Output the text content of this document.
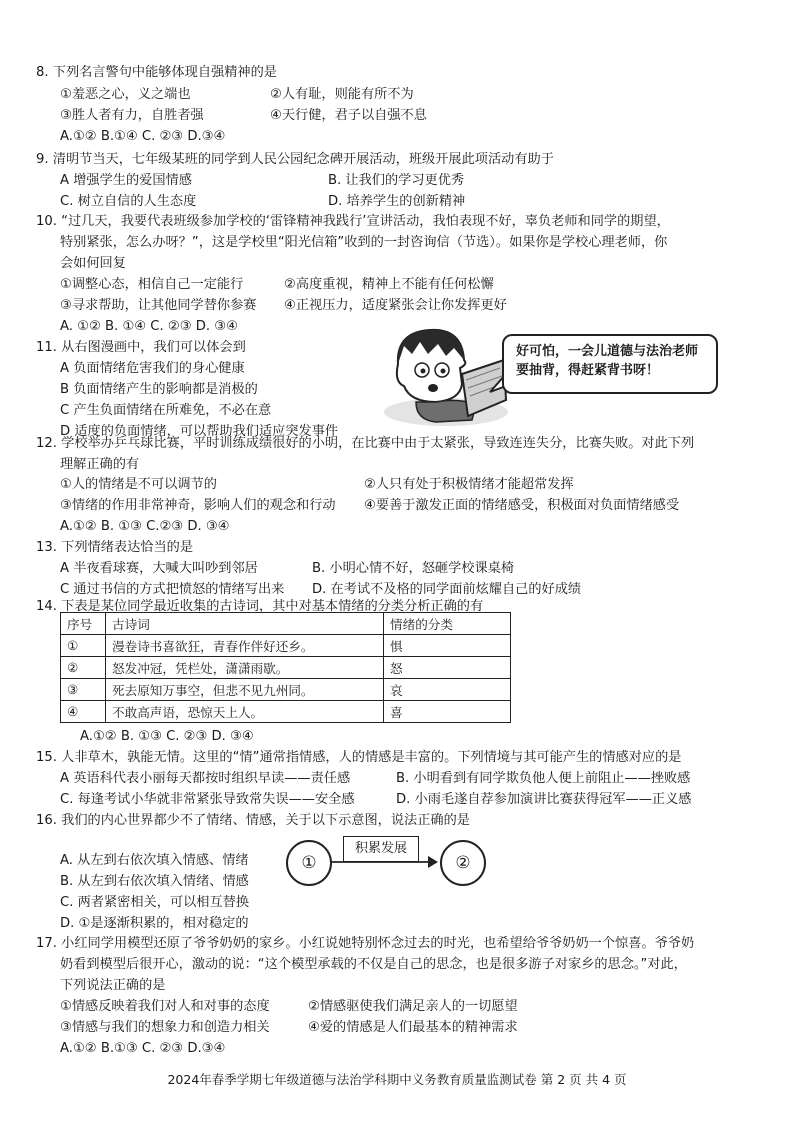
8. 下列名言警句中能够体现自强精神的是
①羞恶之心，义之端也	②人有耻，则能有所不为
③胜人者有力，自胜者强	④天行健，君子以自强不息
A.①② B.①④ C. ②③ D.③④
9. 清明节当天，七年级某班的同学到人民公园纪念碑开展活动，班级开展此项活动有助于
A 增强学生的爱国情感	B. 让我们的学习更优秀
C. 树立自信的人生态度	D. 培养学生的创新精神
10. “过几天，我要代表班级参加学校的‘雷锋精神我践行’宣讲活动，我怕表现不好，辜负老师和同学的期望，
特别紧张，怎么办呀？”，这是学校里“阳光信箱”收到的一封咨询信（节选）。如果你是学校心理老师，你
会如何回复
①调整心态，相信自己一定能行	②高度重视，精神上不能有任何松懈
③寻求帮助，让其他同学替你参赛 ④正视压力，适度紧张会让你发挥更好
A. ①② B. ①④ C. ②③ D. ③④
11. 从右图漫画中，我们可以体会到
A 负面情绪危害我们的身心健康
B 负面情绪产生的影响都是消极的
C 产生负面情绪在所难免，不必在意
D 适度的负面情绪，可以帮助我们适应突发事件
好可怕，一会儿道德与法治老师要抽背，得赶紧背书呀！
12. 学校举办乒乓球比赛，平时训练成绩很好的小明，在比赛中由于太紧张，导致连连失分，比赛失败。对此下列
理解正确的有
①人的情绪是不可以调节的	②人只有处于积极情绪才能超常发挥
③情绪的作用非常神奇，影响人们的观念和行动 ④要善于激发正面的情绪感受，积极面对负面情绪感受
A.①② B. ①③ C.②③ D. ③④
13. 下列情绪表达恰当的是
A 半夜看球赛，大喊大叫吵到邻居	B. 小明心情不好，怒砸学校课桌椅
C 通过书信的方式把愤怒的情绪写出来 D. 在考试不及格的同学面前炫耀自己的好成绩
14. 下表是某位同学最近收集的古诗词，其中对基本情绪的分类分析正确的有
序号	古诗词	情绪的分类
①	漫卷诗书喜欲狂，青春作伴好还乡。	惧
②	怒发冲冠，凭栏处，潇潇雨歇。	怒
③	死去原知万事空，但悲不见九州同。	哀
④	不敢高声语，恐惊天上人。	喜
A.①② B. ①③ C. ②③ D. ③④
15. 人非草木，孰能无情。这里的“情”通常指情感，人的情感是丰富的。下列情境与其可能产生的情感对应的是
A 英语科代表小丽每天都按时组织早读——责任感	B. 小明看到有同学欺负他人便上前阻止——挫败感
C. 每逢考试小华就非常紧张导致常失误——安全感	D. 小雨毛遂自荐参加演讲比赛获得冠军——正义感
16. 我们的内心世界都少不了情绪、情感，关于以下示意图，说法正确的是
A. 从左到右依次填入情感、情绪
B. 从左到右依次填入情绪、情感
C. 两者紧密相关，可以相互替换
D. ①是逐渐积累的，相对稳定的
①
积累发展
②
17. 小红同学用模型还原了爷爷奶奶的家乡。小红说她特别怀念过去的时光，也希望给爷爷奶奶一个惊喜。爷爷奶
奶看到模型后很开心，激动的说：“这个模型承载的不仅是自己的思念，也是很多游子对家乡的思念。”对此，
下列说法正确的是
①情感反映着我们对人和对事的态度	②情感驱使我们满足亲人的一切愿望
③情感与我们的想象力和创造力相关	④爱的情感是人们最基本的精神需求
A.①② B.①③ C. ②③ D.③④
2024年春季学期七年级道德与法治学科期中义务教育质量监测试卷 第 2 页 共 4 页
